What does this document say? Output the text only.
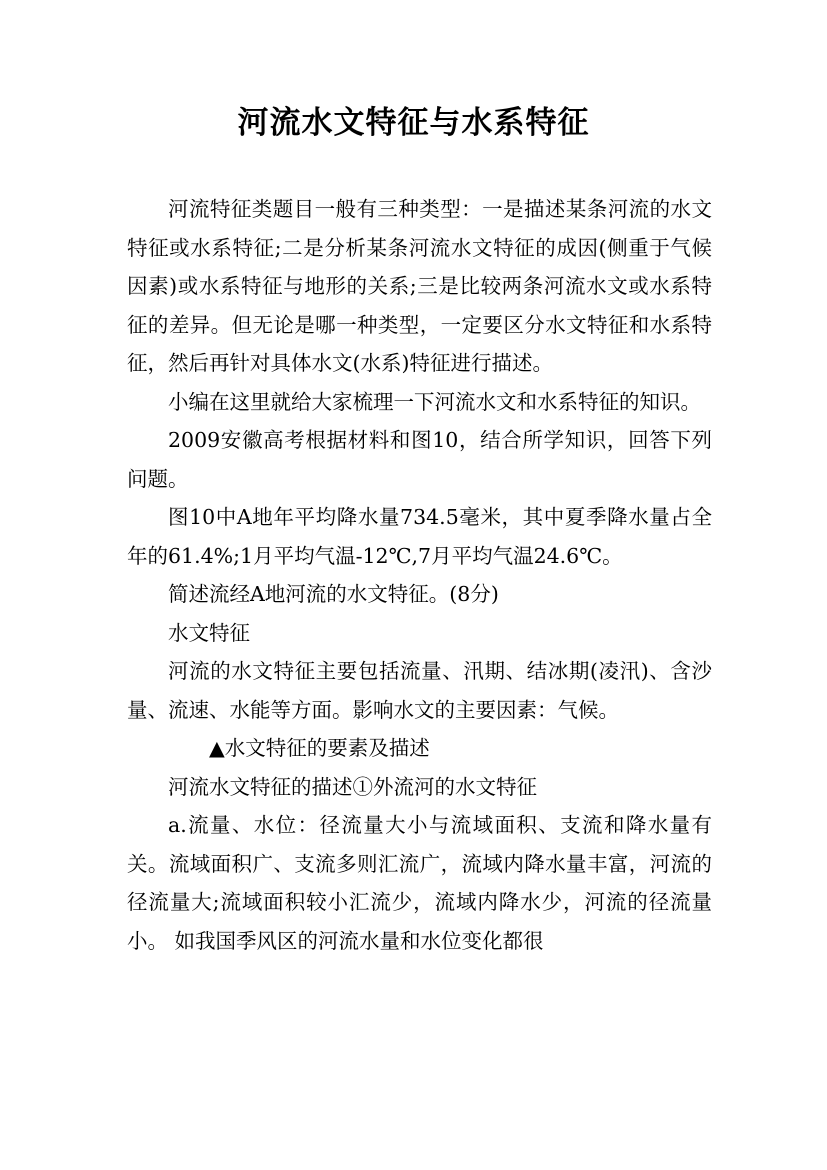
河流水文特征与水系特征

河流特征类题目一般有三种类型：一是描述某条河流的水文特征或水系特征;二是分析某条河流水文特征的成因(侧重于气候因素)或水系特征与地形的关系;三是比较两条河流水文或水系特征的差异。但无论是哪一种类型，一定要区分水文特征和水系特征，然后再针对具体水文(水系)特征进行描述。

小编在这里就给大家梳理一下河流水文和水系特征的知识。

2009安徽高考根据材料和图10，结合所学知识，回答下列问题。

图10中A地年平均降水量734.5毫米，其中夏季降水量占全年的61.4%;1月平均气温-12℃,7月平均气温24.6℃。

简述流经A地河流的水文特征。(8分)

水文特征

河流的水文特征主要包括流量、汛期、结冰期(凌汛)、含沙量、流速、水能等方面。影响水文的主要因素：气候。

▲水文特征的要素及描述

河流水文特征的描述①外流河的水文特征

a.流量、水位：径流量大小与流域面积、支流和降水量有关。流域面积广、支流多则汇流广，流域内降水量丰富，河流的径流量大;流域面积较小汇流少，流域内降水少，河流的径流量小。 如我国季风区的河流水量和水位变化都很
